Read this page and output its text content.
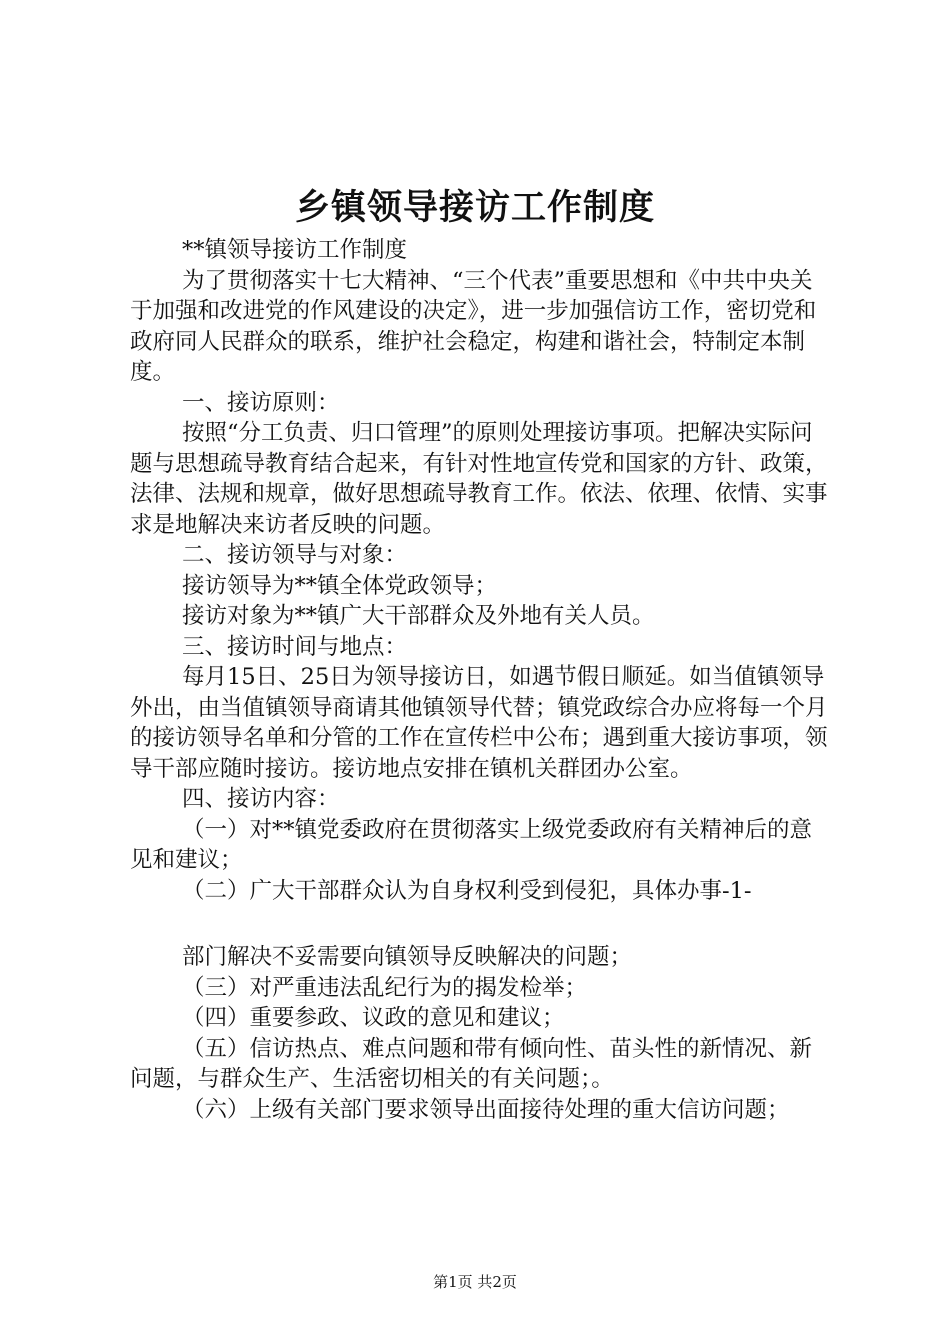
乡镇领导接访工作制度

**镇领导接访工作制度

为了贯彻落实十七大精神、“三个代表”重要思想和《中共中央关于加强和改进党的作风建设的决定》，进一步加强信访工作，密切党和政府同人民群众的联系，维护社会稳定，构建和谐社会，特制定本制度。

一、接访原则：

按照“分工负责、归口管理”的原则处理接访事项。把解决实际问题与思想疏导教育结合起来，有针对性地宣传党和国家的方针、政策，法律、法规和规章，做好思想疏导教育工作。依法、依理、依情、实事求是地解决来访者反映的问题。

二、接访领导与对象：

接访领导为**镇全体党政领导；

接访对象为**镇广大干部群众及外地有关人员。

三、接访时间与地点：

每月15日、25日为领导接访日，如遇节假日顺延。如当值镇领导外出，由当值镇领导商请其他镇领导代替；镇党政综合办应将每一个月的接访领导名单和分管的工作在宣传栏中公布；遇到重大接访事项，领导干部应随时接访。接访地点安排在镇机关群团办公室。

四、接访内容：

（一）对**镇党委政府在贯彻落实上级党委政府有关精神后的意见和建议；

（二）广大干部群众认为自身权利受到侵犯，具体办事-1-

部门解决不妥需要向镇领导反映解决的问题；

（三）对严重违法乱纪行为的揭发检举；

（四）重要参政、议政的意见和建议；

（五）信访热点、难点问题和带有倾向性、苗头性的新情况、新问题，与群众生产、生活密切相关的有关问题；。

（六）上级有关部门要求领导出面接待处理的重大信访问题；

第1页 共2页
